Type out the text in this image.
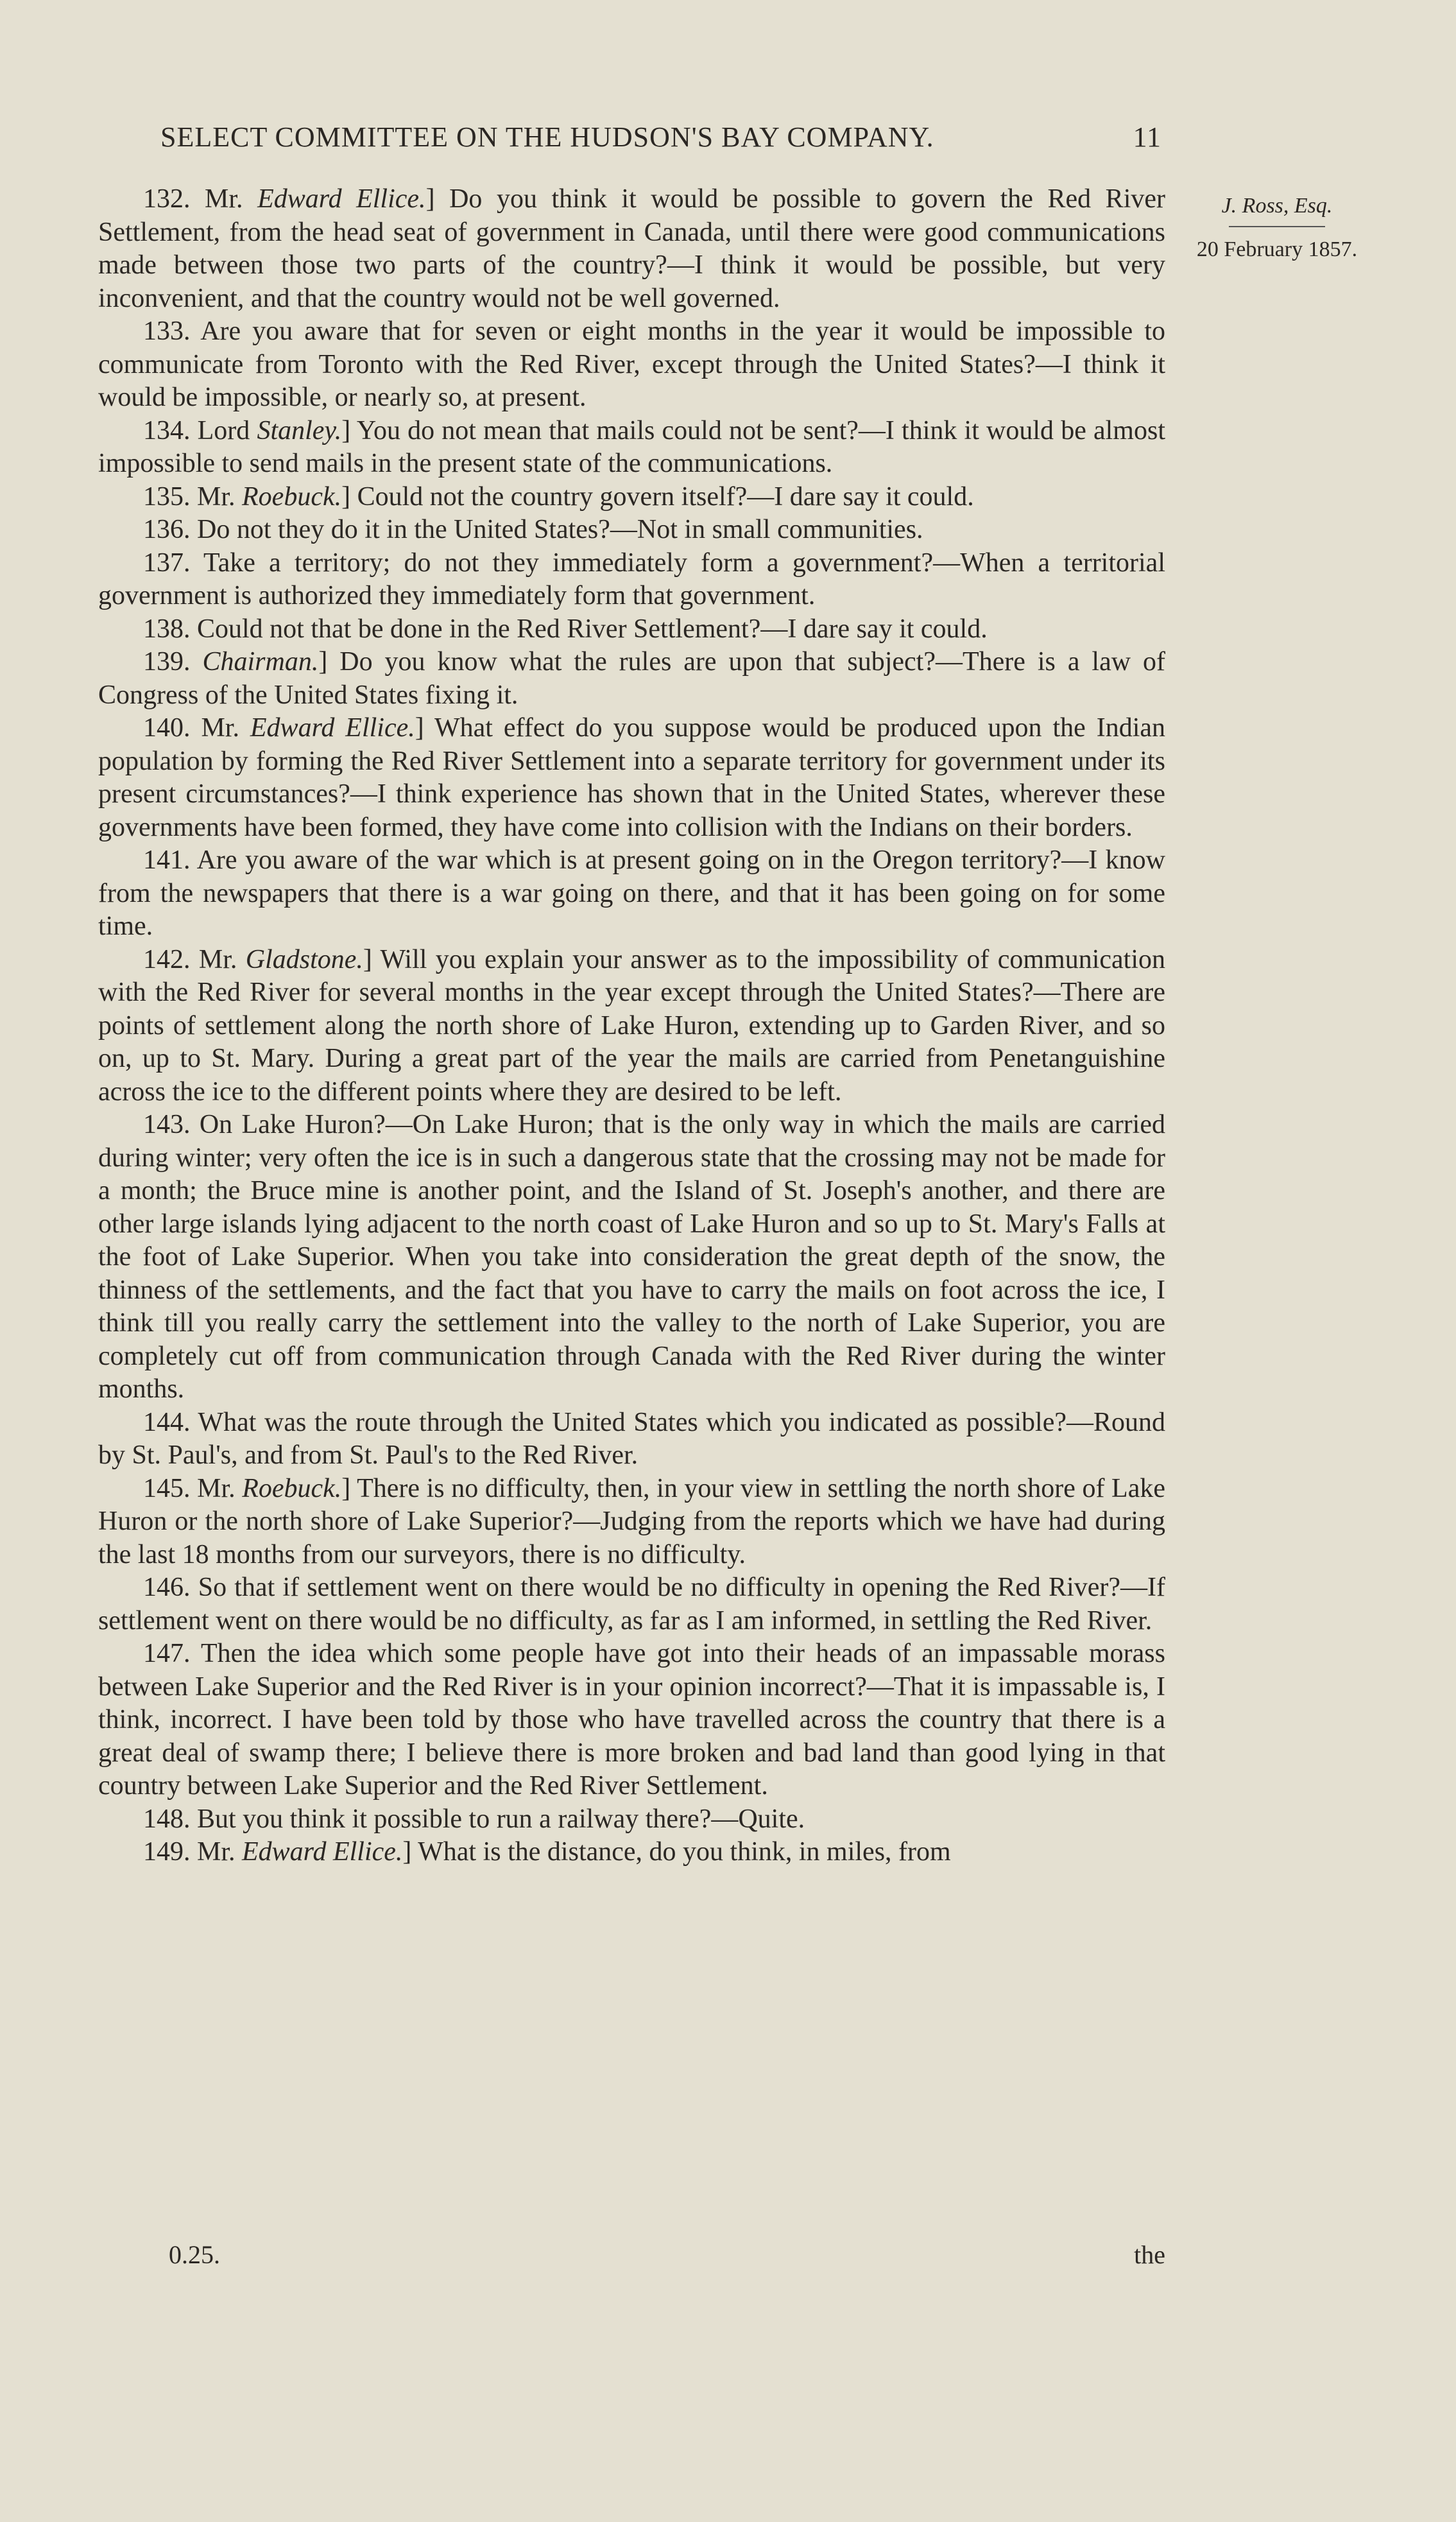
SELECT COMMITTEE ON THE HUDSON'S BAY COMPANY.	11
J. Ross, Esq.
20 February 1857.

132. Mr. Edward Ellice.] Do you think it would be possible to govern the Red River Settlement, from the head seat of government in Canada, until there were good communications made between those two parts of the country?—I think it would be possible, but very inconvenient, and that the country would not be well governed.

133. Are you aware that for seven or eight months in the year it would be impossible to communicate from Toronto with the Red River, except through the United States?—I think it would be impossible, or nearly so, at present.

134. Lord Stanley.] You do not mean that mails could not be sent?—I think it would be almost impossible to send mails in the present state of the communications.

135. Mr. Roebuck.] Could not the country govern itself?—I dare say it could.

136. Do not they do it in the United States?—Not in small communities.

137. Take a territory; do not they immediately form a government?—When a territorial government is authorized they immediately form that government.

138. Could not that be done in the Red River Settlement?—I dare say it could.

139. Chairman.] Do you know what the rules are upon that subject?—There is a law of Congress of the United States fixing it.

140. Mr. Edward Ellice.] What effect do you suppose would be produced upon the Indian population by forming the Red River Settlement into a separate territory for government under its present circumstances?—I think experience has shown that in the United States, wherever these governments have been formed, they have come into collision with the Indians on their borders.

141. Are you aware of the war which is at present going on in the Oregon territory?—I know from the newspapers that there is a war going on there, and that it has been going on for some time.

142. Mr. Gladstone.] Will you explain your answer as to the impossibility of communication with the Red River for several months in the year except through the United States?—There are points of settlement along the north shore of Lake Huron, extending up to Garden River, and so on, up to St. Mary. During a great part of the year the mails are carried from Penetanguishine across the ice to the different points where they are desired to be left.

143. On Lake Huron?—On Lake Huron; that is the only way in which the mails are carried during winter; very often the ice is in such a dangerous state that the crossing may not be made for a month; the Bruce mine is another point, and the Island of St. Joseph's another, and there are other large islands lying adjacent to the north coast of Lake Huron and so up to St. Mary's Falls at the foot of Lake Superior. When you take into consideration the great depth of the snow, the thinness of the settlements, and the fact that you have to carry the mails on foot across the ice, I think till you really carry the settlement into the valley to the north of Lake Superior, you are completely cut off from communication through Canada with the Red River during the winter months.

144. What was the route through the United States which you indicated as possible?—Round by St. Paul's, and from St. Paul's to the Red River.

145. Mr. Roebuck.] There is no difficulty, then, in your view in settling the north shore of Lake Huron or the north shore of Lake Superior?—Judging from the reports which we have had during the last 18 months from our surveyors, there is no difficulty.

146. So that if settlement went on there would be no difficulty in opening the Red River?—If settlement went on there would be no difficulty, as far as I am informed, in settling the Red River.

147. Then the idea which some people have got into their heads of an impassable morass between Lake Superior and the Red River is in your opinion incorrect?—That it is impassable is, I think, incorrect. I have been told by those who have travelled across the country that there is a great deal of swamp there; I believe there is more broken and bad land than good lying in that country between Lake Superior and the Red River Settlement.

148. But you think it possible to run a railway there?—Quite.

149. Mr. Edward Ellice.] What is the distance, do you think, in miles, from

0.25.	the
